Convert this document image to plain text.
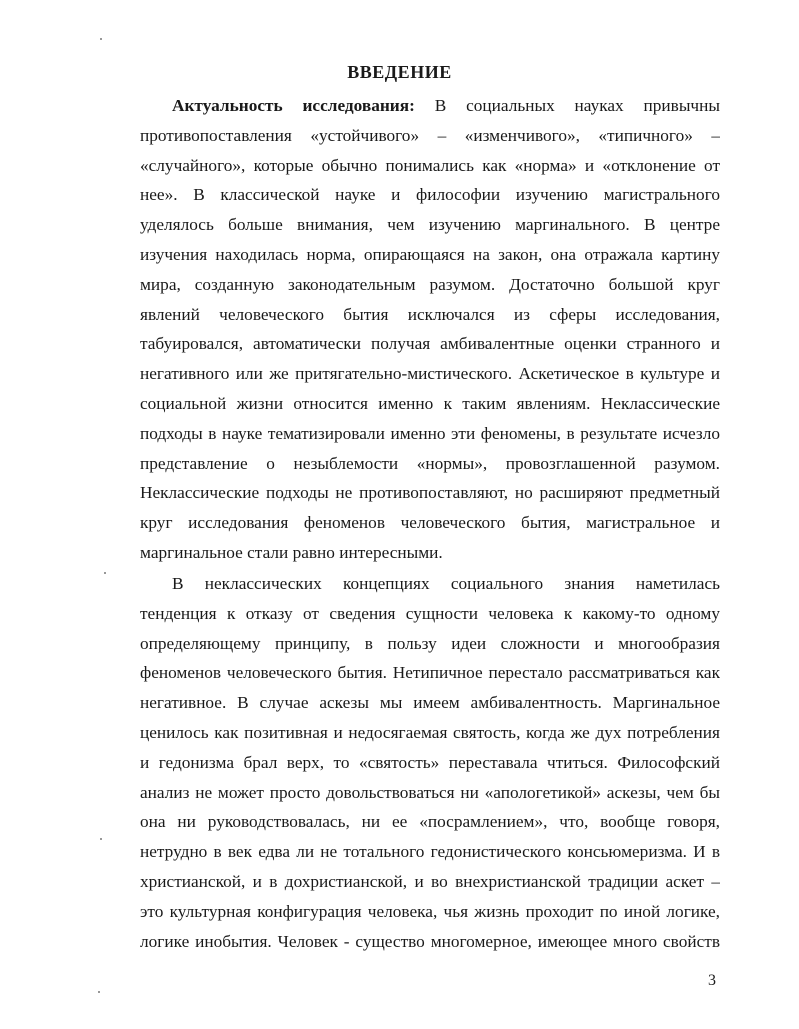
ВВЕДЕНИЕ
Актуальность исследования: В социальных науках привычны
противопоставления «устойчивого» – «изменчивого», «типичного» –
«случайного», которые обычно понимались как «норма» и «отклонение от
нее». В классической науке и философии изучению магистрального
уделялось больше внимания, чем изучению маргинального. В центре
изучения находилась норма, опирающаяся на закон, она отражала картину
мира, созданную законодательным разумом. Достаточно большой круг
явлений человеческого бытия исключался из сферы исследования,
табуировался, автоматически получая амбивалентные оценки странного и
негативного или же притягательно-мистического. Аскетическое в культуре и
социальной жизни относится именно к таким явлениям. Неклассические
подходы в науке тематизировали именно эти феномены, в результате исчезло
представление о незыблемости «нормы», провозглашенной разумом.
Неклассические подходы не противопоставляют, но расширяют предметный
круг исследования феноменов человеческого бытия, магистральное и
маргинальное стали равно интересными.
В неклассических концепциях социального знания наметилась
тенденция к отказу от сведения сущности человека к какому-то одному
определяющему принципу, в пользу идеи сложности и многообразия
феноменов человеческого бытия. Нетипичное перестало рассматриваться как
негативное. В случае аскезы мы имеем амбивалентность. Маргинальное
ценилось как позитивная и недосягаемая святость, когда же дух потребления
и гедонизма брал верх, то «святость» переставала чтиться. Философский
анализ не может просто довольствоваться ни «апологетикой» аскезы, чем бы
она ни руководствовалась, ни ее «посрамлением», что, вообще говоря,
нетрудно в век едва ли не тотального гедонистического консьюмеризма. И в
христианской, и в дохристианской, и во внехристианской традиции аскет –
это культурная конфигурация человека, чья жизнь проходит по иной логике,
логике инобытия. Человек - существо многомерное, имеющее много свойств
3
